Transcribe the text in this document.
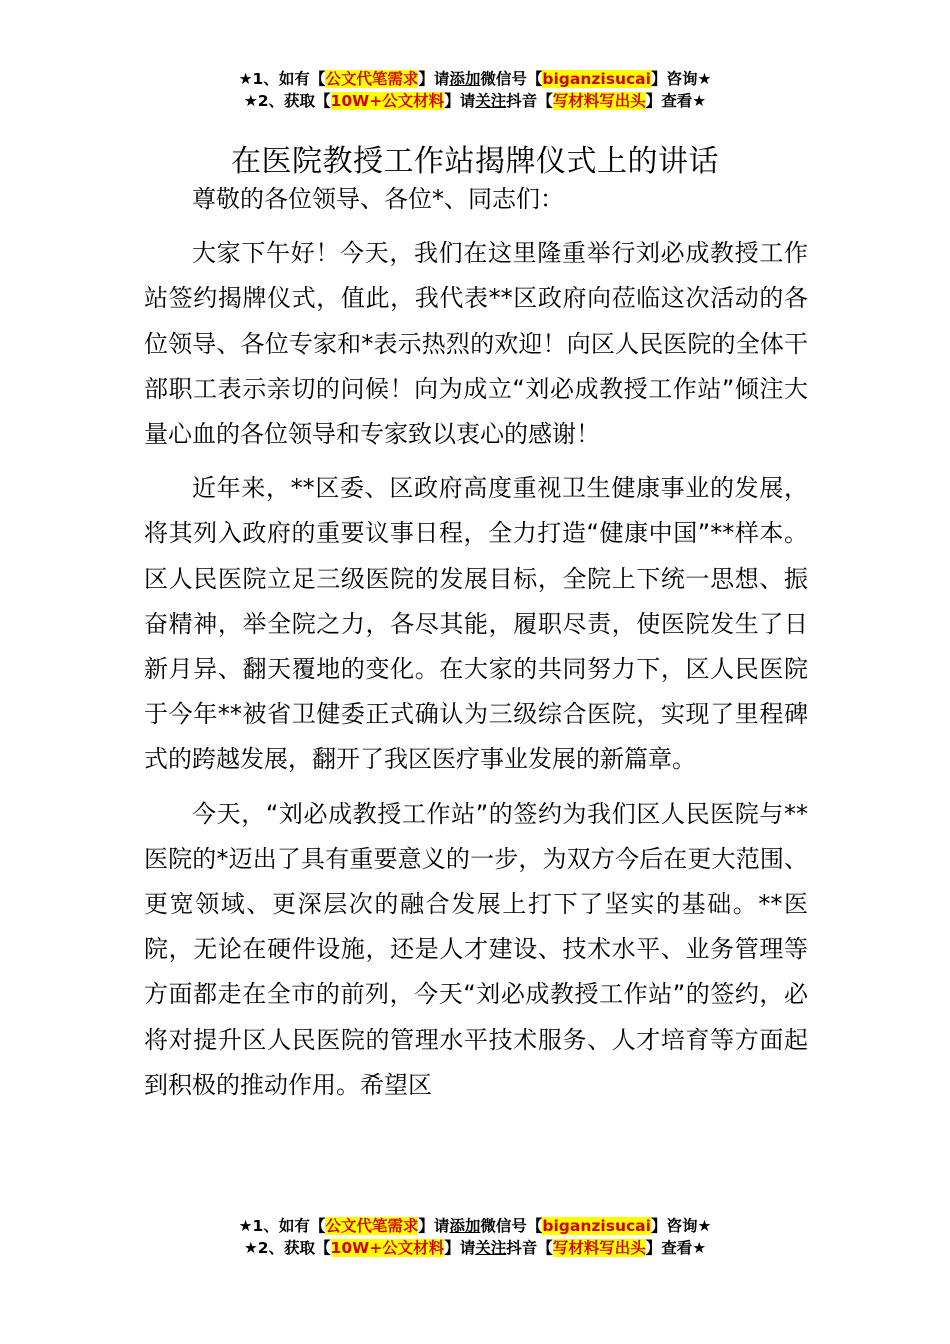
★1、如有【公文代笔需求】请添加微信号【biganzisucai】咨询★
★2、获取【10W+公文材料】请关注抖音【写材料写出头】查看★
在医院教授工作站揭牌仪式上的讲话

尊敬的各位领导、各位*、同志们：

大家下午好！今天，我们在这里隆重举行刘必成教授工作站签约揭牌仪式，值此，我代表**区政府向莅临这次活动的各位领导、各位专家和*表示热烈的欢迎！向区人民医院的全体干部职工表示亲切的问候！向为成立“刘必成教授工作站”倾注大量心血的各位领导和专家致以衷心的感谢！

近年来，**区委、区政府高度重视卫生健康事业的发展，将其列入政府的重要议事日程，全力打造“健康中国”**样本。区人民医院立足三级医院的发展目标，全院上下统一思想、振奋精神，举全院之力，各尽其能，履职尽责，使医院发生了日新月异、翻天覆地的变化。在大家的共同努力下，区人民医院于今年**被省卫健委正式确认为三级综合医院，实现了里程碑式的跨越发展，翻开了我区医疗事业发展的新篇章。

今天，“刘必成教授工作站”的签约为我们区人民医院与**医院的*迈出了具有重要意义的一步，为双方今后在更大范围、更宽领域、更深层次的融合发展上打下了坚实的基础。**医院，无论在硬件设施，还是人才建设、技术水平、业务管理等方面都走在全市的前列，今天“刘必成教授工作站”的签约，必将对提升区人民医院的管理水平技术服务、人才培育等方面起到积极的推动作用。希望区

★1、如有【公文代笔需求】请添加微信号【biganzisucai】咨询★
★2、获取【10W+公文材料】请关注抖音【写材料写出头】查看★
